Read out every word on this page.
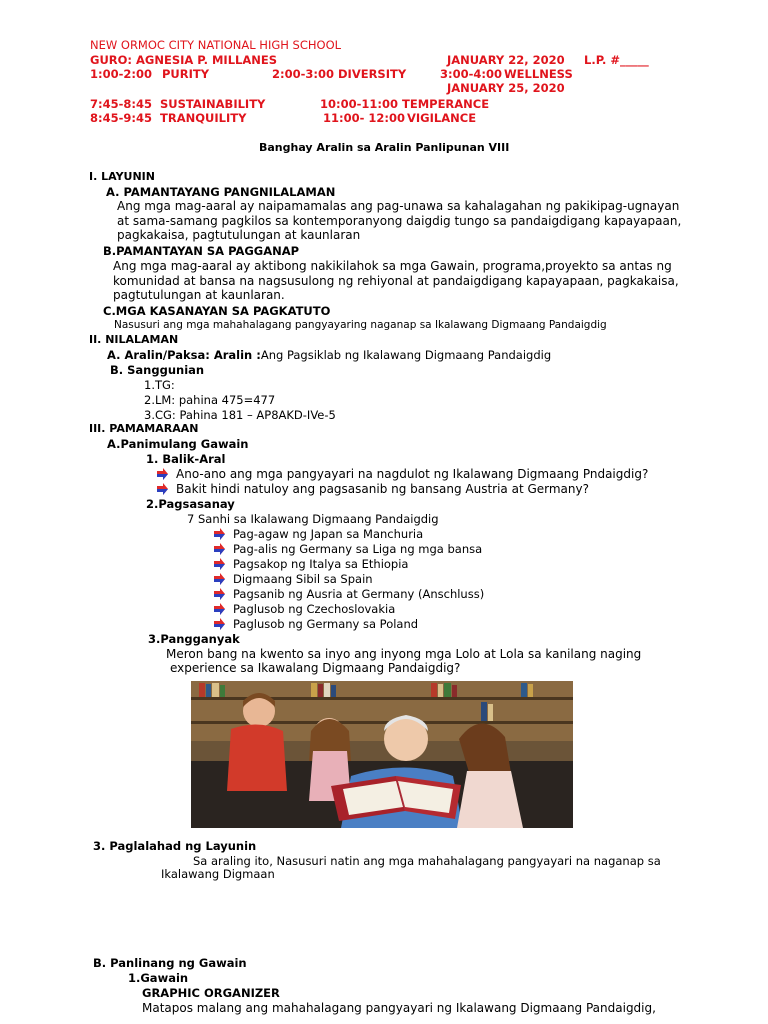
NEW ORMOC CITY NATIONAL HIGH SCHOOL
GURO: AGNESIA P. MILLANES	JANUARY 22, 2020 L.P. #_____
1:00-2:00 PURITY	2:00-3:00 DIVERSITY	3:00-4:00 WELLNESS
JANUARY 25, 2020
7:45-8:45 SUSTAINABILITY	10:00-11:00 TEMPERANCE
8:45-9:45 TRANQUILITY	11:00- 12:00 VIGILANCE
Banghay Aralin sa Aralin Panlipunan VIII
I. LAYUNIN
A. PAMANTAYANG PANGNILALAMAN
Ang mga mag-aaral ay naipamamalas ang pag-unawa sa kahalagahan ng pakikipag-ugnayan at sama-samang pagkilos sa kontemporanyong daigdig tungo sa pandaigdigang kapayapaan, pagkakaisa, pagtutulungan at kaunlaran
B.PAMANTAYAN SA PAGGANAP
Ang mga mag-aaral ay aktibong nakikilahok sa mga Gawain, programa,proyekto sa antas ng komunidad at bansa na nagsusulong ng rehiyonal at pandaigdigang kapayapaan, pagkakaisa, pagtutulungan at kaunlaran.
C.MGA KASANAYAN SA PAGKATUTO
Nasusuri ang mga mahahalagang pangyayaring naganap sa Ikalawang Digmaang Pandaigdig
II. NILALAMAN
A. Aralin/Paksa: Aralin :Ang Pagsiklab ng Ikalawang Digmaang Pandaigdig
B. Sanggunian
1.TG:
2.LM: pahina 475=477
3.CG: Pahina 181 – AP8AKD-IVe-5
III. PAMAMARAAN
A.Panimulang Gawain
1. Balik-Aral
Ano-ano ang mga pangyayari na nagdulot ng Ikalawang Digmaang Pndaigdig?
Bakit hindi natuloy ang pagsasanib ng bansang Austria at Germany?
2.Pagsasanay
7 Sanhi sa Ikalawang Digmaang Pandaigdig
Pag-agaw ng Japan sa Manchuria
Pag-alis ng Germany sa Liga ng mga bansa
Pagsakop ng Italya sa Ethiopia
Digmaang Sibil sa Spain
Pagsanib ng Ausria at Germany (Anschluss)
Paglusob ng Czechoslovakia
Paglusob ng Germany sa Poland
3.Pangganyak
Meron bang na kwento sa inyo ang inyong mga Lolo at Lola sa kanilang naging
experience sa Ikawalang Digmaang Pandaigdig?
3. Paglalahad ng Layunin
Sa araling ito, Nasusuri natin ang mga mahahalagang pangyayari na naganap sa
Ikalawang Digmaan
B. Panlinang ng Gawain
1.Gawain
GRAPHIC ORGANIZER
Matapos malang ang mahahalagang pangyayari ng Ikalawang Digmaang Pandaigdig,
